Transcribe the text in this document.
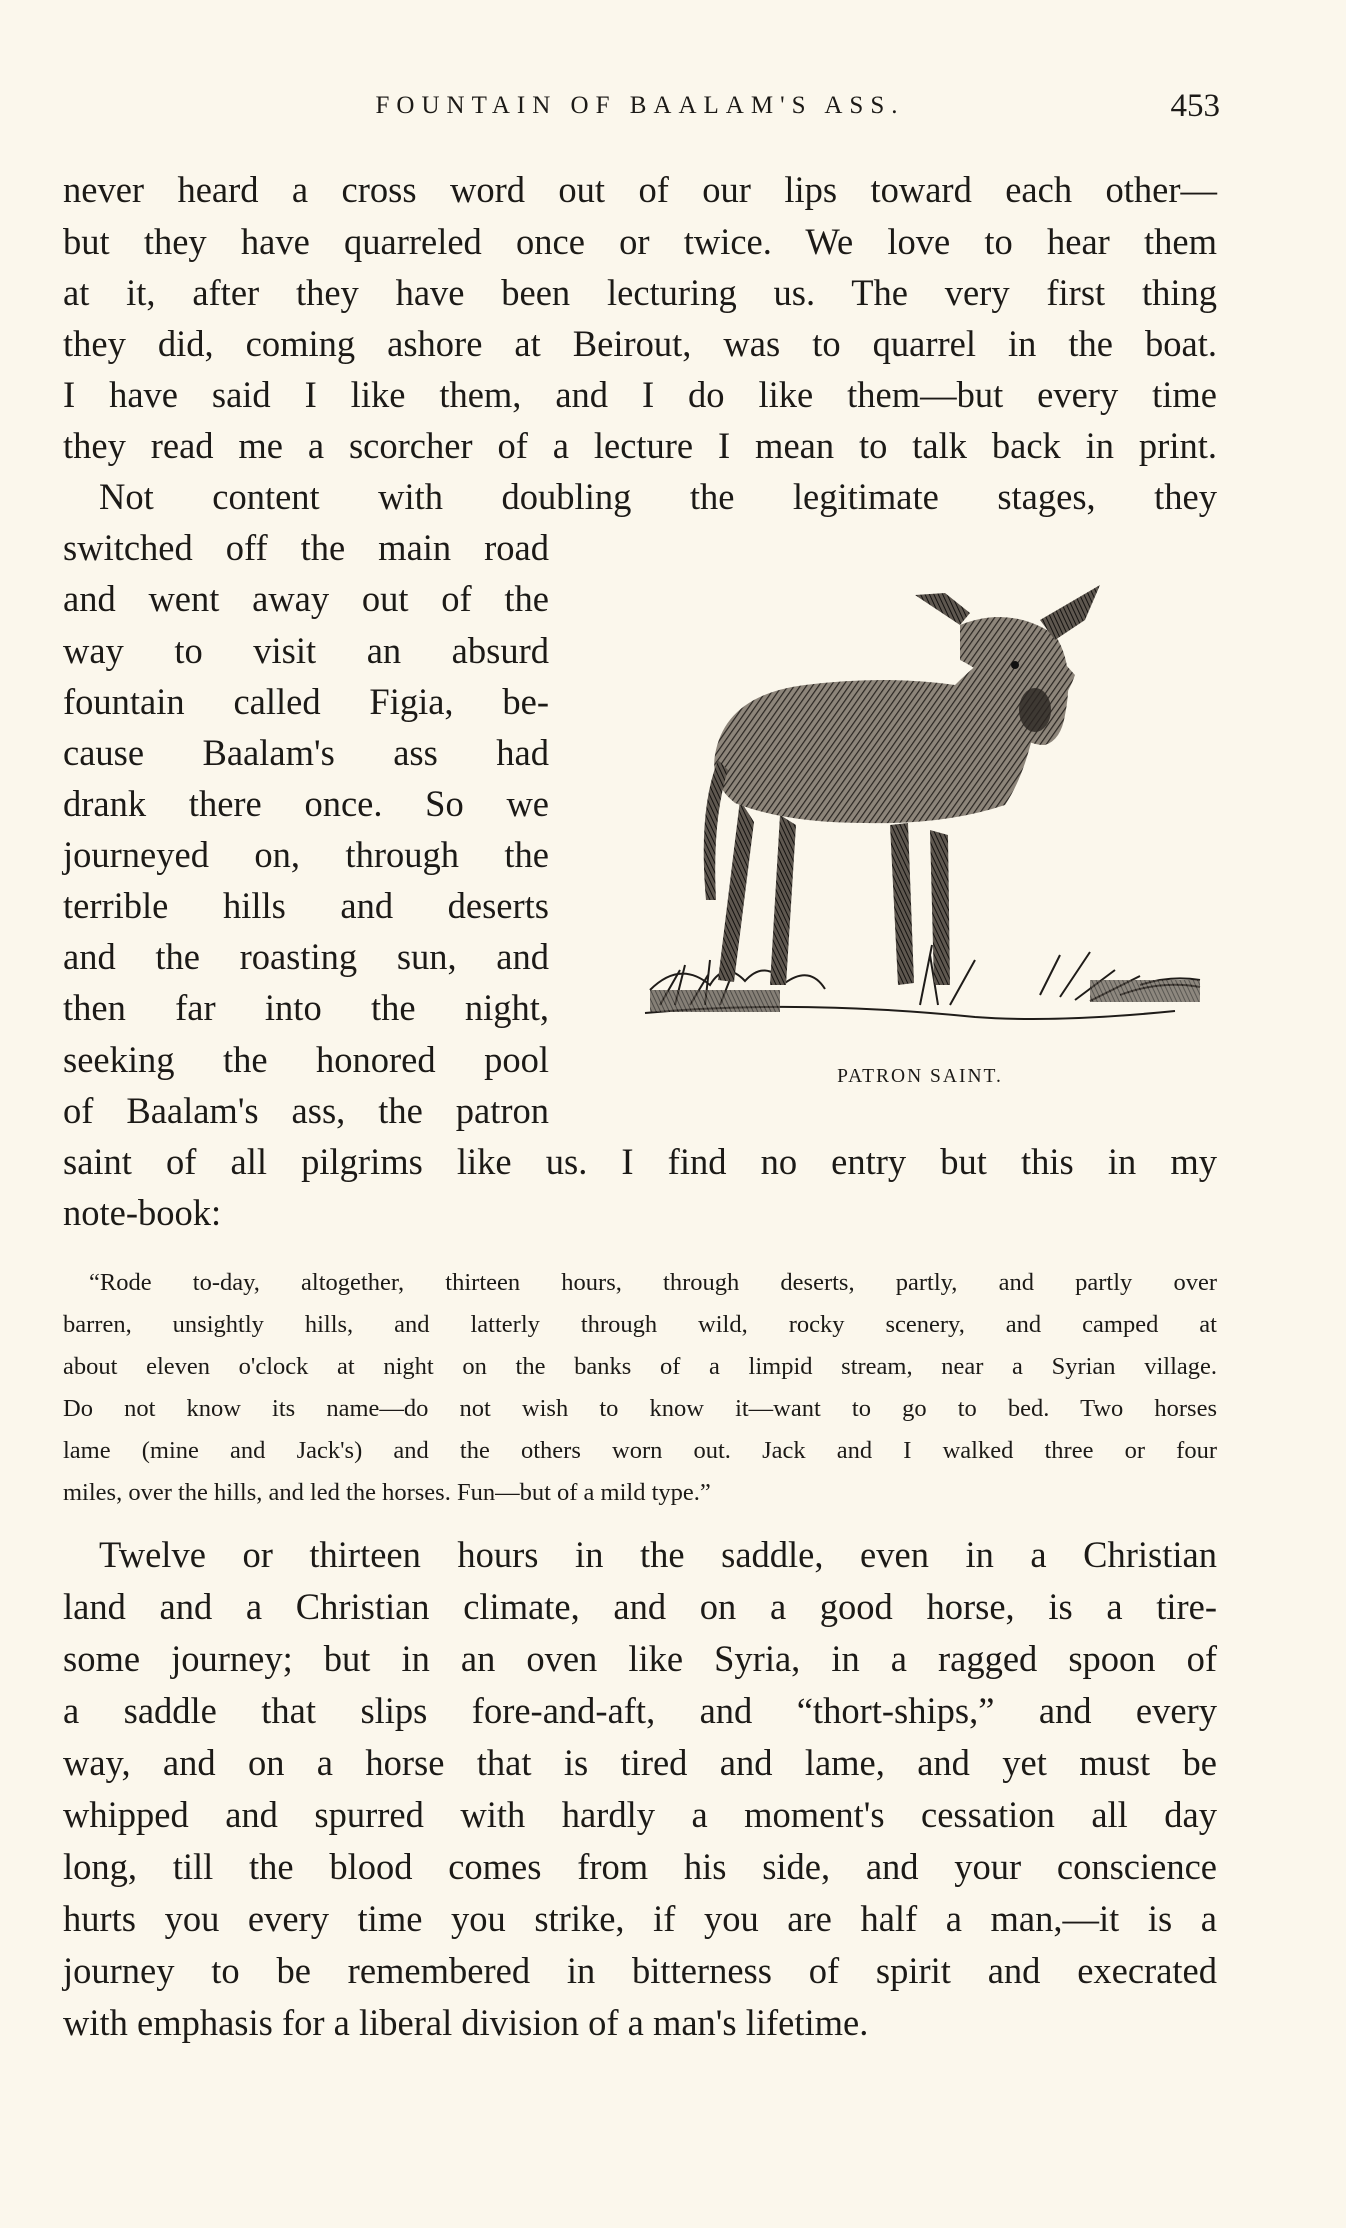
FOUNTAIN OF BAALAM'S ASS.	453
never heard a cross word out of our lips toward each other—
but they have quarreled once or twice. We love to hear them
at it, after they have been lecturing us. The very first thing
they did, coming ashore at Beirout, was to quarrel in the boat.
I have said I like them, and I do like them—but every time
they read me a scorcher of a lecture I mean to talk back in print.
Not content with doubling the legitimate stages, they
switched off the main road
and went away out of the
way to visit an absurd
fountain called Figia, be-
cause Baalam's ass had
drank there once. So we
journeyed on, through the
terrible hills and deserts
and the roasting sun, and
then far into the night,
seeking the honored pool
of Baalam's ass, the patron
saint of all pilgrims like us. I find no entry but this in my
note-book:
PATRON SAINT.
“Rode to-day, altogether, thirteen hours, through deserts, partly, and partly over
barren, unsightly hills, and latterly through wild, rocky scenery, and camped at
about eleven o'clock at night on the banks of a limpid stream, near a Syrian village.
Do not know its name—do not wish to know it—want to go to bed. Two horses
lame (mine and Jack's) and the others worn out. Jack and I walked three or four
miles, over the hills, and led the horses. Fun—but of a mild type.”
Twelve or thirteen hours in the saddle, even in a Christian
land and a Christian climate, and on a good horse, is a tire-
some journey; but in an oven like Syria, in a ragged spoon of
a saddle that slips fore-and-aft, and “thort-ships,” and every
way, and on a horse that is tired and lame, and yet must be
whipped and spurred with hardly a moment's cessation all day
long, till the blood comes from his side, and your conscience
hurts you every time you strike, if you are half a man,—it is a
journey to be remembered in bitterness of spirit and execrated
with emphasis for a liberal division of a man's lifetime.
